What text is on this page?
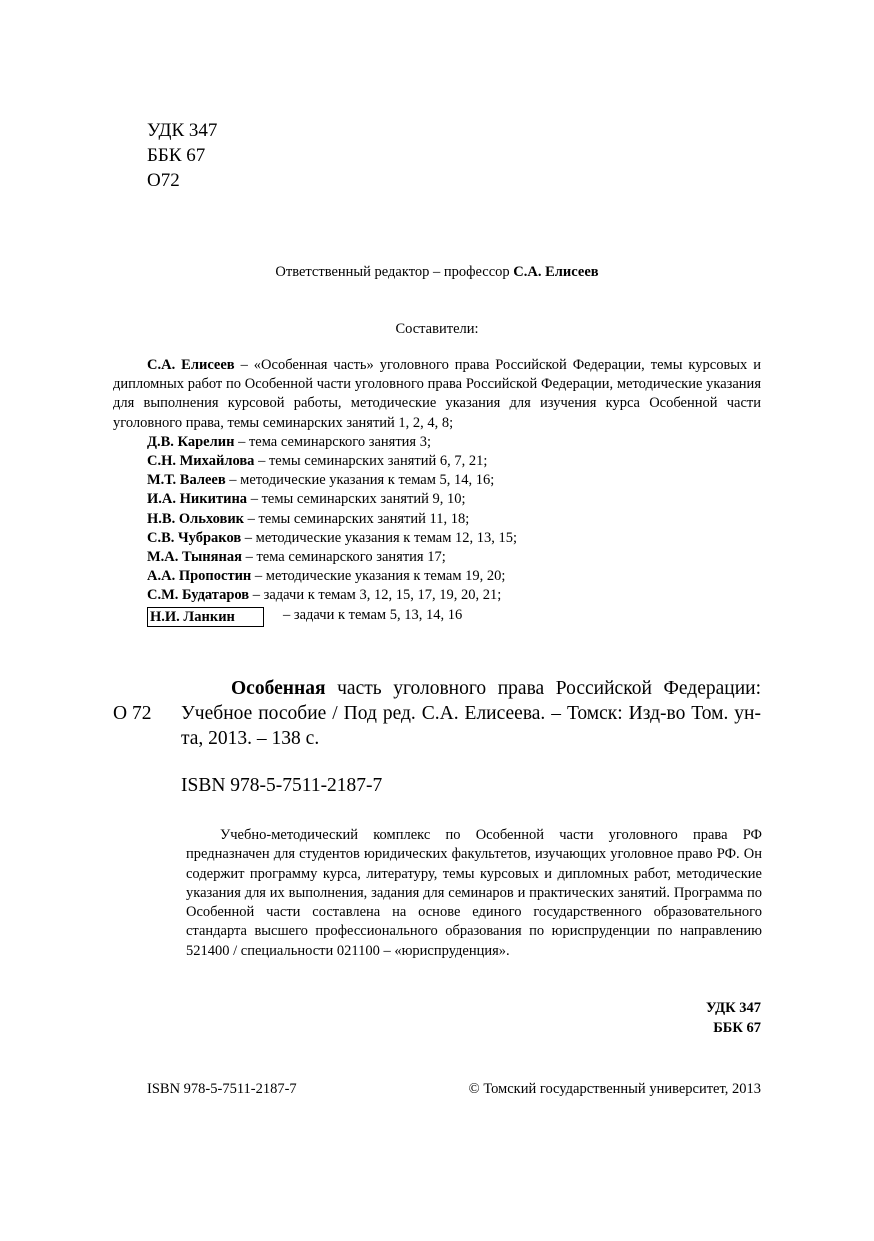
УДК 347
ББК 67
О72
Ответственный редактор – профессор С.А. Елисеев
Составители:

С.А. Елисеев – «Особенная часть» уголовного права Российской Федерации, темы курсовых и дипломных работ по Особенной части уголовного права Российской Федерации, методические указания для выполнения курсовой работы, методические указания для изучения курса Особенной части уголовного права, темы семинарских занятий 1, 2, 4, 8;

Д.В. Карелин – тема семинарского занятия 3;

С.Н. Михайлова – темы семинарских занятий 6, 7, 21;

М.Т. Валеев – методические указания к темам 5, 14, 16;

И.А. Никитина – темы семинарских занятий 9, 10;

Н.В. Ольховик – темы семинарских занятий 11, 18;

С.В. Чубраков – методические указания к темам 12, 13, 15;

М.А. Тыняная – тема семинарского занятия 17;

А.А. Пропостин – методические указания к темам 19, 20;

С.М. Будатаров – задачи к темам 3, 12, 15, 17, 19, 20, 21;

Н.И. Ланкин	– задачи к темам 5, 13, 14, 16
О 72

Особенная часть уголовного права Российской Федерации: Учебное пособие / Под ред. С.А. Елисеева. – Томск: Изд-во Том. ун-та, 2013. – 138 с.

ISBN 978-5-7511-2187-7

Учебно-методический комплекс по Особенной части уголовного права РФ предназначен для студентов юридических факультетов, изучающих уголовное право РФ. Он содержит программу курса, литературу, темы курсовых и дипломных работ, методические указания для их выполнения, задания для семинаров и практических занятий. Программа по Особенной части составлена на основе единого государственного образовательного стандарта высшего профессионального образования по юриспруденции по направлению 521400 / специальности 021100 – «юриспруденция».

УДК 347
ББК 67
ISBN 978-5-7511-2187-7	© Томский государственный университет, 2013
